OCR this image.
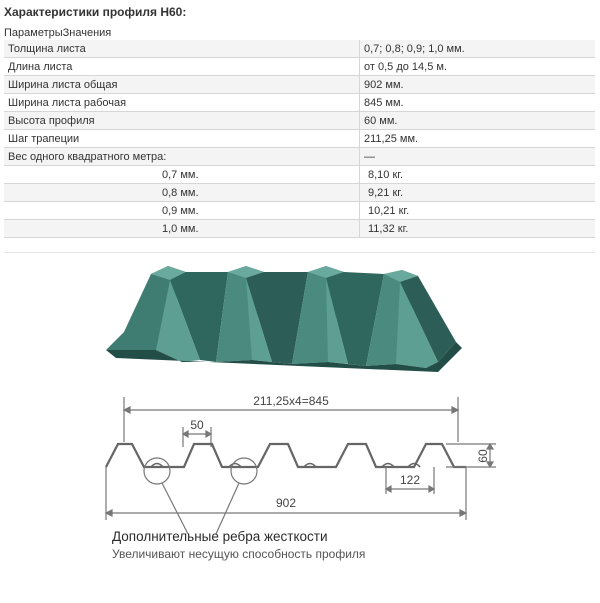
Характеристики профиля Н60:
ПараметрыЗначения
Толщина листа	0,7; 0,8; 0,9; 1,0 мм.
Длина листа	от 0,5 до 14,5 м.
Ширина листа общая	902 мм.
Ширина листа рабочая	845 мм.
Высота профиля	60 мм.
Шаг трапеции	211,25 мм.
Вес одного квадратного метра:	—
0,7 мм.	8,10 кг.
0,8 мм.	9,21 кг.
0,9 мм.	10,21 кг.
1,0 мм.	11,32 кг.
211,25х4=845
50
60
122
902
Дополнительные ребра жесткости
Увеличивают несущую способность профиля
